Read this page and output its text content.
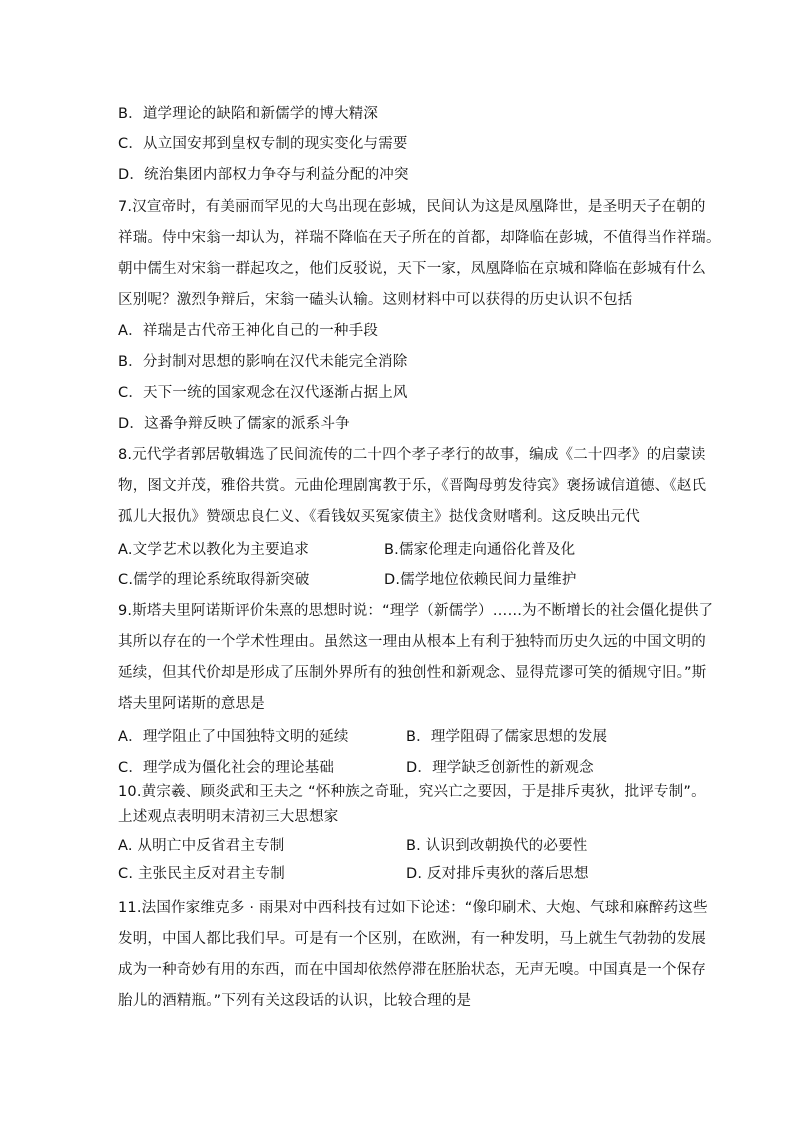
B．道学理论的缺陷和新儒学的博大精深
C．从立国安邦到皇权专制的现实变化与需要
D．统治集团内部权力争夺与利益分配的冲突
7.汉宣帝时，有美丽而罕见的大鸟出现在彭城，民间认为这是凤凰降世，是圣明天子在朝的
祥瑞。侍中宋翁一却认为，祥瑞不降临在天子所在的首都，却降临在彭城，不值得当作祥瑞。
朝中儒生对宋翁一群起攻之，他们反驳说，天下一家，凤凰降临在京城和降临在彭城有什么
区别呢？激烈争辩后，宋翁一磕头认输。这则材料中可以获得的历史认识不包括
A．祥瑞是古代帝王神化自己的一种手段
B．分封制对思想的影响在汉代未能完全消除
C．天下一统的国家观念在汉代逐渐占据上风
D．这番争辩反映了儒家的派系斗争
8.元代学者郭居敬辑选了民间流传的二十四个孝子孝行的故事，编成《二十四孝》的启蒙读
物，图文并茂，雅俗共赏。元曲伦理剧寓教于乐，《晋陶母剪发待宾》褒扬诚信道德、《赵氏
孤儿大报仇》赞颂忠良仁义、《看钱奴买冤家债主》挞伐贪财嗜利。这反映出元代
A.文学艺术以教化为主要追求	B.儒家伦理走向通俗化普及化
C.儒学的理论系统取得新突破	D.儒学地位依赖民间力量维护
9.斯塔夫里阿诺斯评价朱熹的思想时说：“理学（新儒学）……为不断增长的社会僵化提供了
其所以存在的一个学术性理由。虽然这一理由从根本上有利于独特而历史久远的中国文明的
延续，但其代价却是形成了压制外界所有的独创性和新观念、显得荒谬可笑的循规守旧。”斯
塔夫里阿诺斯的意思是
A．理学阻止了中国独特文明的延续	B．理学阻碍了儒家思想的发展
C．理学成为僵化社会的理论基础	D．理学缺乏创新性的新观念
10.黄宗羲、顾炎武和王夫之 “怀种族之奇耻，究兴亡之要因，于是排斥夷狄，批评专制”。
上述观点表明明末清初三大思想家
A. 从明亡中反省君主专制	B. 认识到改朝换代的必要性
C. 主张民主反对君主专制	D. 反对排斥夷狄的落后思想
11.法国作家维克多 · 雨果对中西科技有过如下论述：“像印刷术、大炮、气球和麻醉药这些
发明，中国人都比我们早。可是有一个区别，在欧洲，有一种发明，马上就生气勃勃的发展
成为一种奇妙有用的东西，而在中国却依然停滞在胚胎状态，无声无嗅。中国真是一个保存
胎儿的酒精瓶。”下列有关这段话的认识，比较合理的是
